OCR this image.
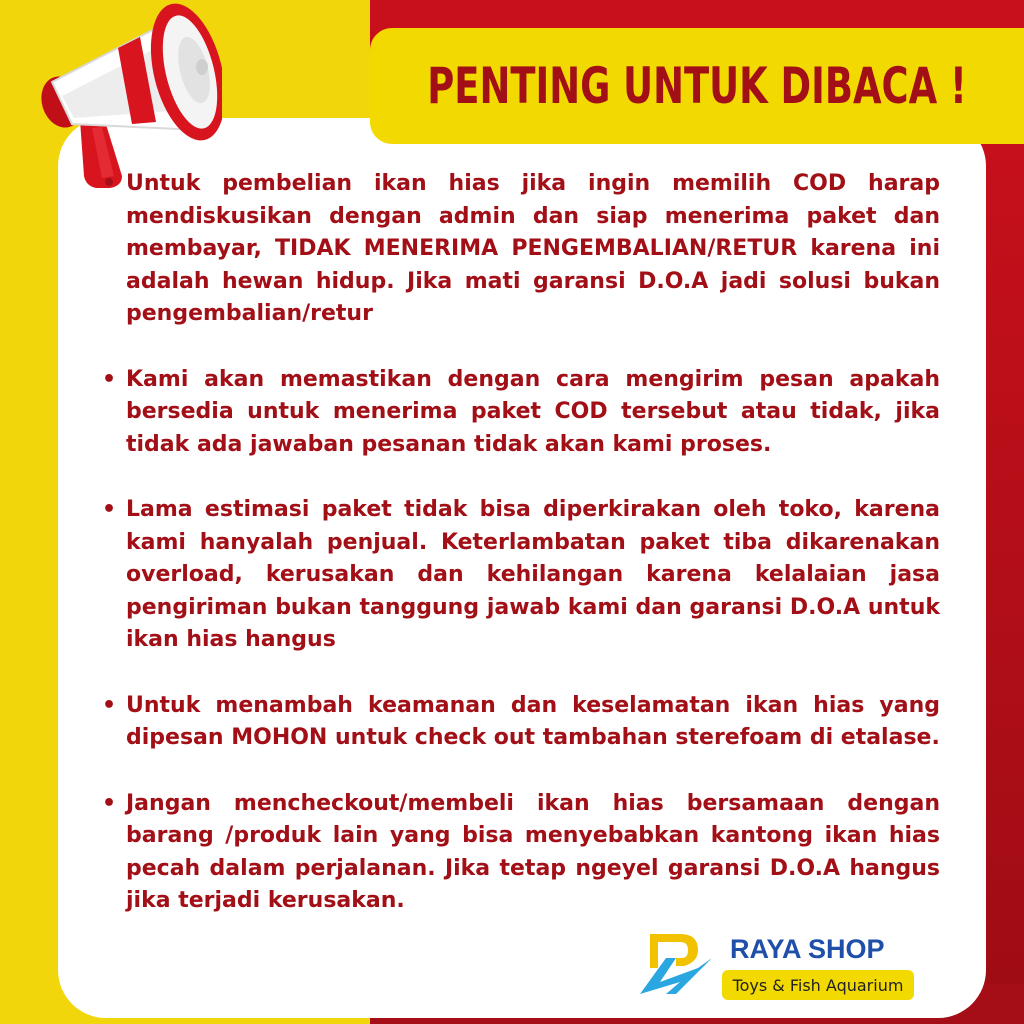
PENTING UNTUK DIBACA !
• Untuk pembelian ikan hias jika ingin memilih COD harap mendiskusikan dengan admin dan siap menerima paket dan membayar, TIDAK MENERIMA PENGEMBALIAN/RETUR karena ini adalah hewan hidup. Jika mati garansi D.O.A jadi solusi bukan pengembalian/retur
• Kami akan memastikan dengan cara mengirim pesan apakah bersedia untuk menerima paket COD tersebut atau tidak, jika tidak ada jawaban pesanan tidak akan kami proses.
• Lama estimasi paket tidak bisa diperkirakan oleh toko, karena kami hanyalah penjual. Keterlambatan paket tiba dikarenakan overload, kerusakan dan kehilangan karena kelalaian jasa pengiriman bukan tanggung jawab kami dan garansi D.O.A untuk ikan hias hangus
• Untuk menambah keamanan dan keselamatan ikan hias yang dipesan MOHON untuk check out tambahan sterefoam di etalase.
• Jangan mencheckout/membeli ikan hias bersamaan dengan barang /produk lain yang bisa menyebabkan kantong ikan hias pecah dalam perjalanan. Jika tetap ngeyel garansi D.O.A hangus jika terjadi kerusakan.
RAYA SHOP
Toys & Fish Aquarium
